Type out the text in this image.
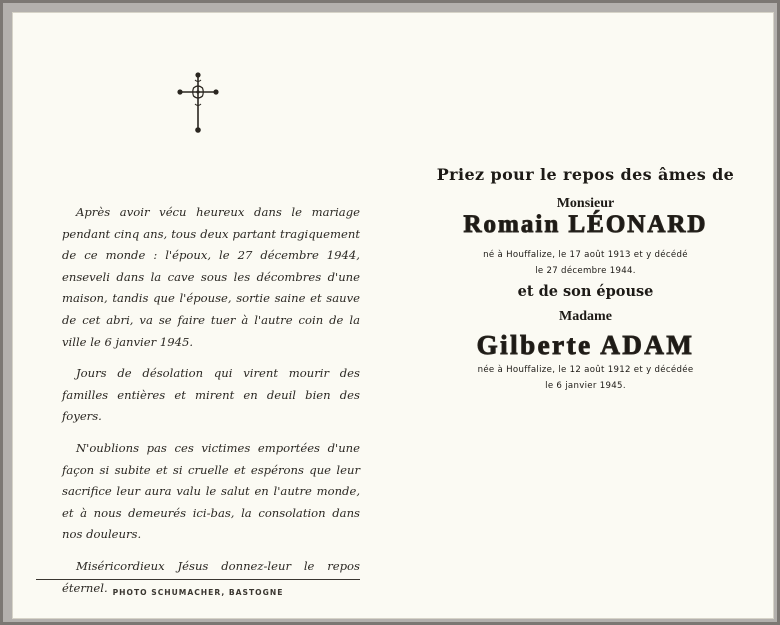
Après avoir vécu heureux dans le mariage pendant cinq ans, tous deux partant tragiquement de ce monde : l'époux, le 27 décembre 1944, enseveli dans la cave sous les décombres d'une maison, tandis que l'épouse, sortie saine et sauve de cet abri, va se faire tuer à l'autre coin de la ville le 6 janvier 1945.

Jours de désolation qui virent mourir des familles entières et mirent en deuil bien des foyers.

N'oublions pas ces victimes emportées d'une façon si subite et si cruelle et espérons que leur sacrifice leur aura valu le salut en l'autre monde, et à nous demeurés ici-bas, la consolation dans nos douleurs.

Miséricordieux Jésus donnez-leur le repos éternel. PHOTO SCHUMACHER, BASTOGNE
Priez pour le repos des âmes de
Monsieur
Romain LÉONARD
né à Houffalize, le 17 août 1913 et y décédé
le 27 décembre 1944.
et de son épouse
Madame
Gilberte ADAM
née à Houffalize, le 12 août 1912 et y décédée
le 6 janvier 1945.
